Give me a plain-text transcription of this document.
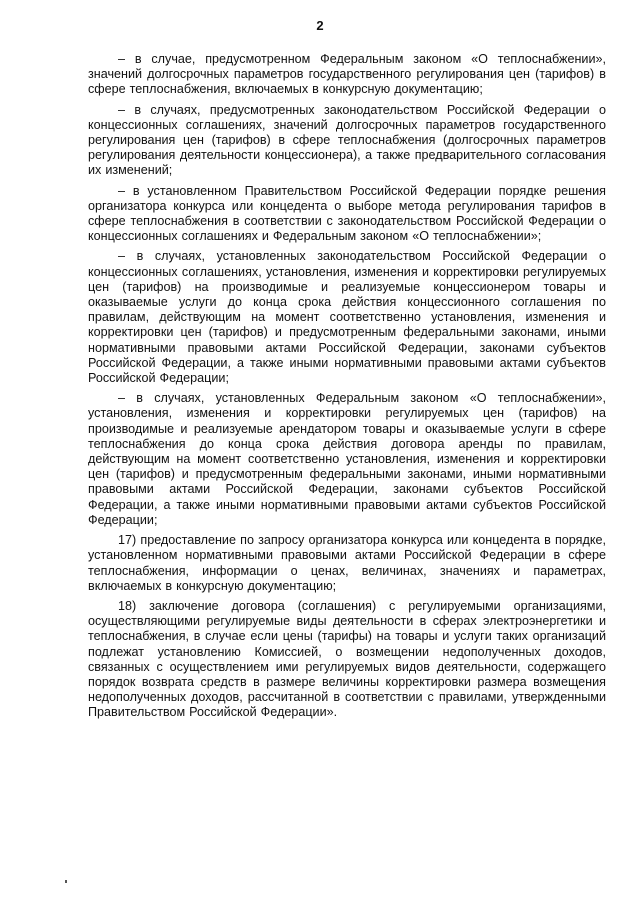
2

– в случае, предусмотренном Федеральным законом «О теплоснабжении», значений долгосрочных параметров государственного регулирования цен (тарифов) в сфере теплоснабжения, включаемых в конкурсную документацию;

– в случаях, предусмотренных законодательством Российской Федерации о концессионных соглашениях, значений долгосрочных параметров государственного регулирования цен (тарифов) в сфере теплоснабжения (долгосрочных параметров регулирования деятельности концессионера), а также предварительного согласования их изменений;

– в установленном Правительством Российской Федерации порядке решения организатора конкурса или концедента о выборе метода регулирования тарифов в сфере теплоснабжения в соответствии с законодательством Российской Федерации о концессионных соглашениях и Федеральным законом «О теплоснабжении»;

– в случаях, установленных законодательством Российской Федерации о концессионных соглашениях, установления, изменения и корректировки регулируемых цен (тарифов) на производимые и реализуемые концессионером товары и оказываемые услуги до конца срока действия концессионного соглашения по правилам, действующим на момент соответственно установления, изменения и корректировки цен (тарифов) и предусмотренным федеральными законами, иными нормативными правовыми актами Российской Федерации, законами субъектов Российской Федерации, а также иными нормативными правовыми актами субъектов Российской Федерации;

– в случаях, установленных Федеральным законом «О теплоснабжении», установления, изменения и корректировки регулируемых цен (тарифов) на производимые и реализуемые арендатором товары и оказываемые услуги в сфере теплоснабжения до конца срока действия договора аренды по правилам, действующим на момент соответственно установления, изменения и корректировки цен (тарифов) и предусмотренным федеральными законами, иными нормативными правовыми актами Российской Федерации, законами субъектов Российской Федерации, а также иными нормативными правовыми актами субъектов Российской Федерации;

17) предоставление по запросу организатора конкурса или концедента в порядке, установленном нормативными правовыми актами Российской Федерации в сфере теплоснабжения, информации о ценах, величинах, значениях и параметрах, включаемых в конкурсную документацию;

18) заключение договора (соглашения) с регулируемыми организациями, осуществляющими регулируемые виды деятельности в сферах электроэнергетики и теплоснабжения, в случае если цены (тарифы) на товары и услуги таких организаций подлежат установлению Комиссией, о возмещении недополученных доходов, связанных с осуществлением ими регулируемых видов деятельности, содержащего порядок возврата средств в размере величины корректировки размера возмещения недополученных доходов, рассчитанной в соответствии с правилами, утвержденными Правительством Российской Федерации».
